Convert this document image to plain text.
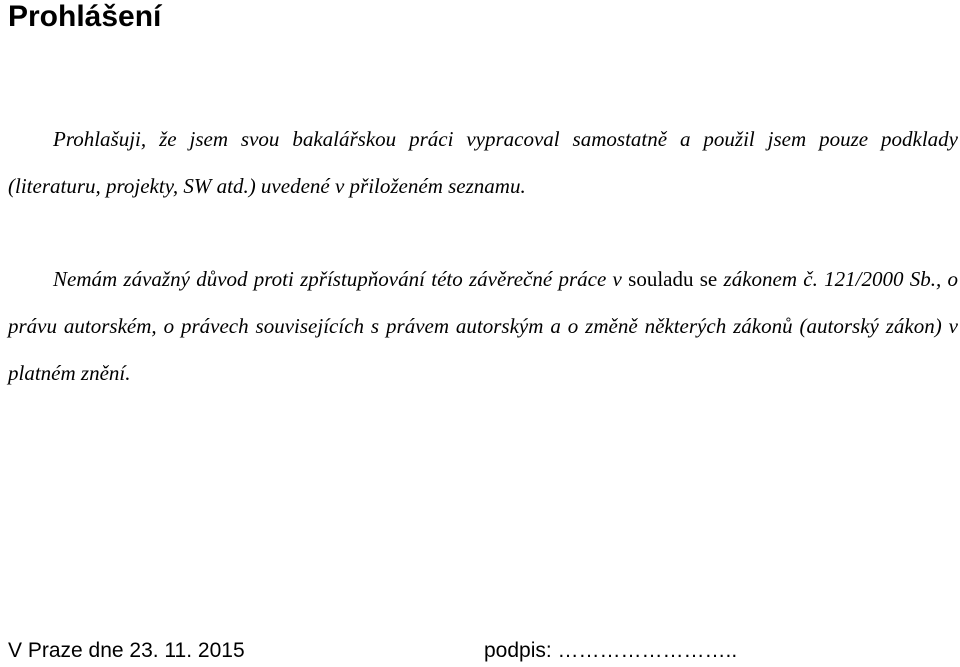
Prohlášení

Prohlašuji, že jsem svou bakalářskou práci vypracoval samostatně a použil jsem pouze podklady (literaturu, projekty, SW atd.) uvedené v přiloženém seznamu.

Nemám závažný důvod proti zpřístupňování této závěrečné práce v souladu se zákonem č. 121/2000 Sb., o právu autorském, o právech souvisejících s právem autorským a o změně některých zákonů (autorský zákon) v platném znění.

V Praze dne 23. 11. 2015	podpis: ……………………..
